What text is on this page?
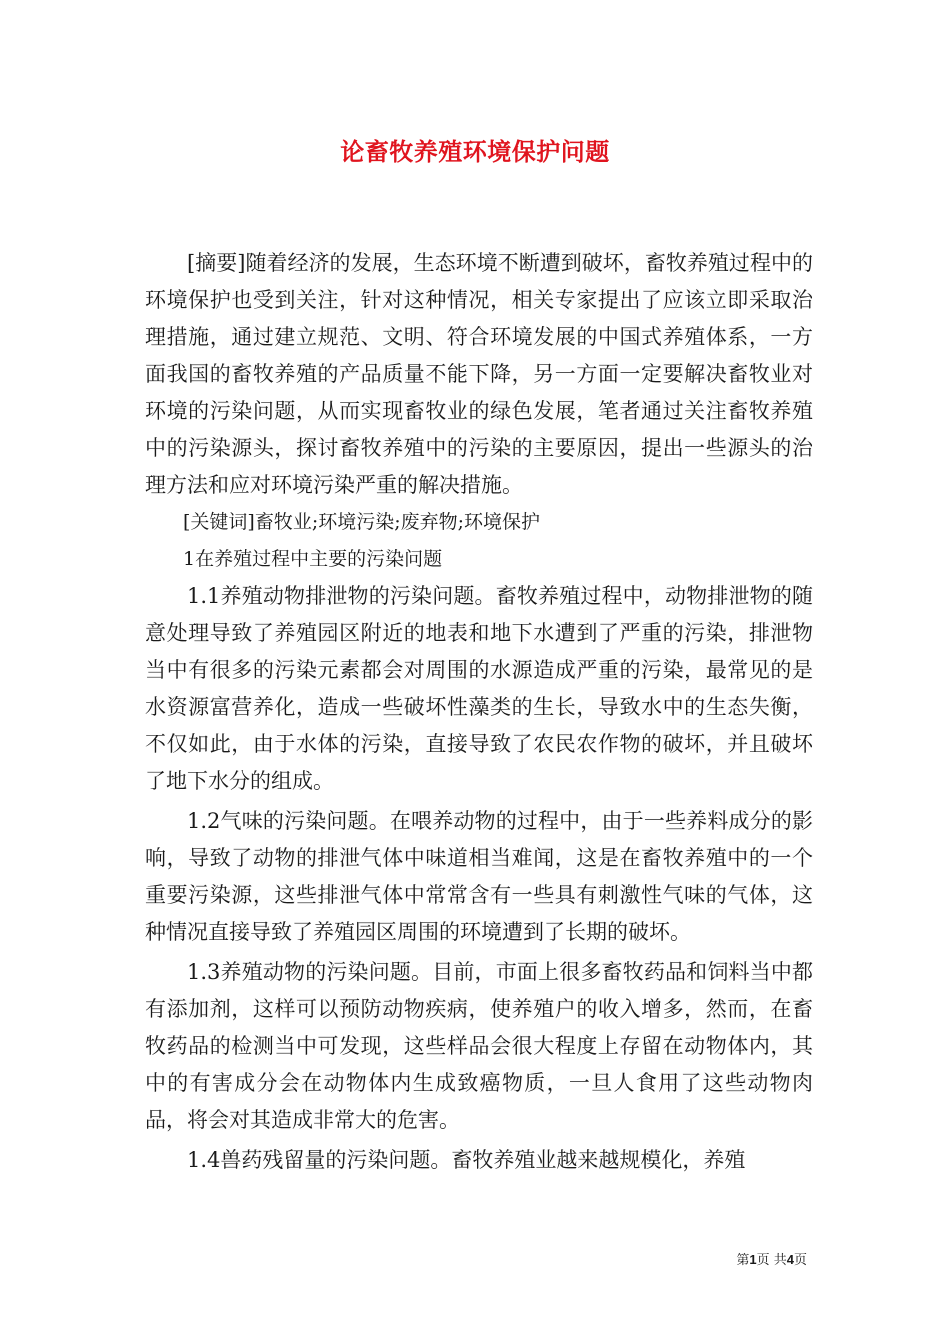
论畜牧养殖环境保护问题

[摘要]随着经济的发展，生态环境不断遭到破坏，畜牧养殖过程中的环境保护也受到关注，针对这种情况，相关专家提出了应该立即采取治理措施，通过建立规范、文明、符合环境发展的中国式养殖体系，一方面我国的畜牧养殖的产品质量不能下降，另一方面一定要解决畜牧业对环境的污染问题，从而实现畜牧业的绿色发展，笔者通过关注畜牧养殖中的污染源头，探讨畜牧养殖中的污染的主要原因，提出一些源头的治理方法和应对环境污染严重的解决措施。

[关键词]畜牧业;环境污染;废弃物;环境保护

1在养殖过程中主要的污染问题

1.1养殖动物排泄物的污染问题。畜牧养殖过程中，动物排泄物的随意处理导致了养殖园区附近的地表和地下水遭到了严重的污染，排泄物当中有很多的污染元素都会对周围的水源造成严重的污染，最常见的是水资源富营养化，造成一些破坏性藻类的生长，导致水中的生态失衡，不仅如此，由于水体的污染，直接导致了农民农作物的破坏，并且破坏了地下水分的组成。

1.2气味的污染问题。在喂养动物的过程中，由于一些养料成分的影响，导致了动物的排泄气体中味道相当难闻，这是在畜牧养殖中的一个重要污染源，这些排泄气体中常常含有一些具有刺激性气味的气体，这种情况直接导致了养殖园区周围的环境遭到了长期的破坏。

1.3养殖动物的污染问题。目前，市面上很多畜牧药品和饲料当中都有添加剂，这样可以预防动物疾病，使养殖户的收入增多，然而，在畜牧药品的检测当中可发现，这些样品会很大程度上存留在动物体内，其中的有害成分会在动物体内生成致癌物质，一旦人食用了这些动物肉品，将会对其造成非常大的危害。

1.4兽药残留量的污染问题。畜牧养殖业越来越规模化，养殖

第1页 共4页
